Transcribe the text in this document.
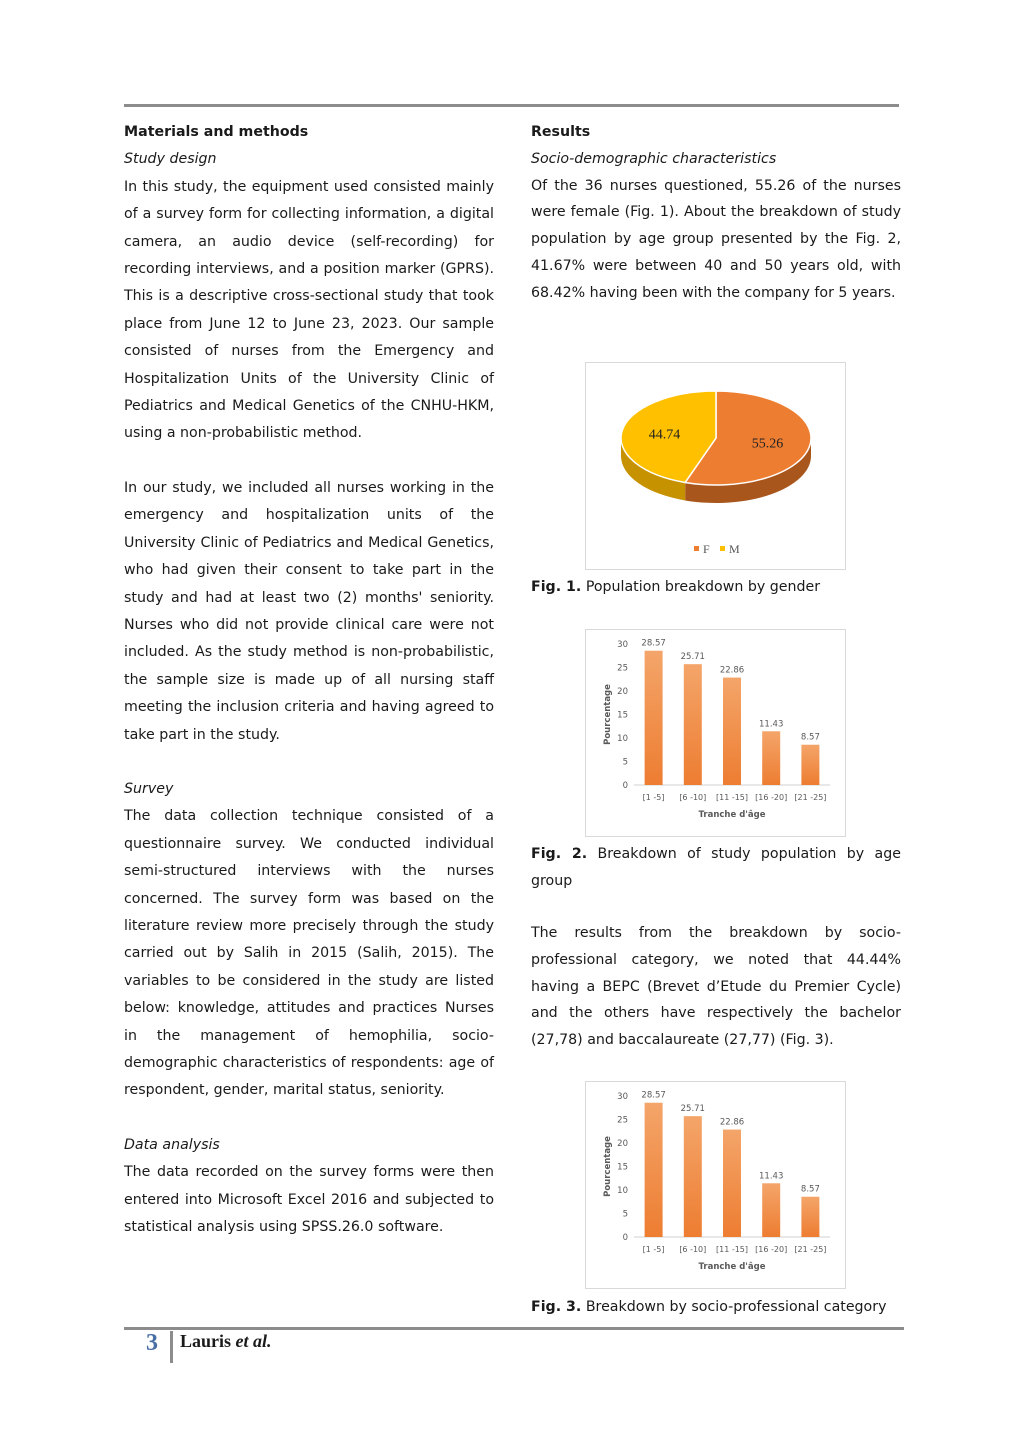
Materials and methods
Study design

In this study, the equipment used consisted mainly of a survey form for collecting information, a digital camera, an audio device (self-recording) for recording interviews, and a position marker (GPRS). This is a descriptive cross-sectional study that took place from June 12 to June 23, 2023. Our sample consisted of nurses from the Emergency and Hospitalization Units of the University Clinic of Pediatrics and Medical Genetics of the CNHU-HKM, using a non-probabilistic method.

In our study, we included all nurses working in the emergency and hospitalization units of the University Clinic of Pediatrics and Medical Genetics, who had given their consent to take part in the study and had at least two (2) months' seniority. Nurses who did not provide clinical care were not included. As the study method is non-probabilistic, the sample size is made up of all nursing staff meeting the inclusion criteria and having agreed to take part in the study.

Survey

The data collection technique consisted of a questionnaire survey. We conducted individual semi-structured interviews with the nurses concerned. The survey form was based on the literature review more precisely through the study carried out by Salih in 2015 (Salih, 2015). The variables to be considered in the study are listed below: knowledge, attitudes and practices Nurses in the management of hemophilia, socio-demographic characteristics of respondents: age of respondent, gender, marital status, seniority.

Data analysis

The data recorded on the survey forms were then entered into Microsoft Excel 2016 and subjected to statistical analysis using SPSS.26.0 software.

Results
Socio-demographic characteristics

Of the 36 nurses questioned, 55.26 of the nurses were female (Fig. 1). About the breakdown of study population by age group presented by the Fig. 2, 41.67% were between 40 and 50 years old, with 68.42% having been with the company for 5 years.

55.26
44.74
F M
Fig. 1. Population breakdown by gender
0
5
10
15
20
25
30 28.57
[1 -5]
25.71
[6 -10]
22.86
[11 -15]
11.43
[16 -20]
8.57
[21 -25]
Tranche d'âge
Pourcentage
Fig. 2. Breakdown of study population by age group

The results from the breakdown by socio-professional category, we noted that 44.44% having a BEPC (Brevet d’Etude du Premier Cycle) and the others have respectively the bachelor (27,78) and baccalaureate (27,77) (Fig. 3).

0
5
10
15
20
25
30 28.57
[1 -5]
25.71
[6 -10]
22.86
[11 -15]
11.43
[16 -20]
8.57
[21 -25]
Tranche d'âge
Pourcentage
Fig. 3. Breakdown by socio-professional category
3 Lauris et al.
